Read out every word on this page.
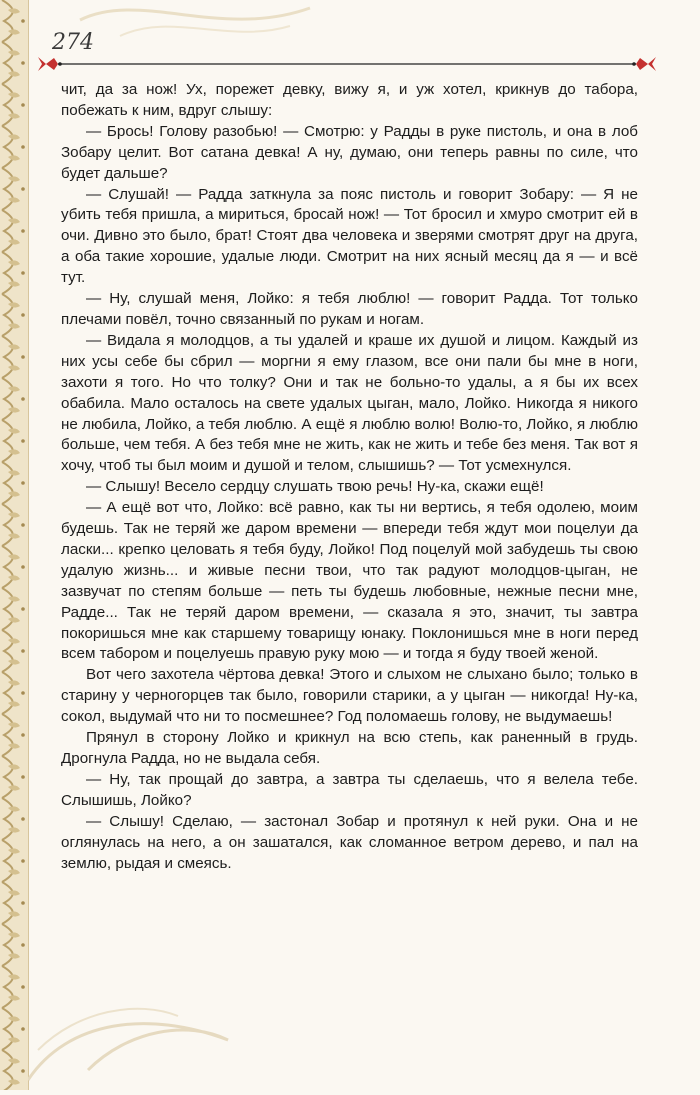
274

чит, да за нож! Ух, порежет девку, вижу я, и уж хотел, крикнув до табора, побежать к ним, вдруг слышу:

— Брось! Голову разобью! — Смотрю: у Радды в руке пистоль, и она в лоб Зобару целит. Вот сатана девка! А ну, думаю, они теперь равны по силе, что будет дальше?

— Слушай! — Радда заткнула за пояс пистоль и говорит Зобару: — Я не убить тебя пришла, а мириться, бросай нож! — Тот бросил и хмуро смотрит ей в очи. Дивно это было, брат! Стоят два человека и зверями смотрят друг на друга, а оба такие хорошие, удалые люди. Смотрит на них ясный месяц да я — и всё тут.

— Ну, слушай меня, Лойко: я тебя люблю! — говорит Радда. Тот только плечами повёл, точно связанный по рукам и ногам.

— Видала я молодцов, а ты удалей и краше их душой и лицом. Каждый из них усы себе бы сбрил — моргни я ему глазом, все они пали бы мне в ноги, захоти я того. Но что толку? Они и так не больно-то удалы, а я бы их всех обабила. Мало осталось на свете удалых цыган, мало, Лойко. Никогда я никого не любила, Лойко, а тебя люблю. А ещё я люблю волю! Волю-то, Лойко, я люблю больше, чем тебя. А без тебя мне не жить, как не жить и тебе без меня. Так вот я хочу, чтоб ты был моим и душой и телом, слышишь? — Тот усмехнулся.

— Слышу! Весело сердцу слушать твою речь! Ну-ка, скажи ещё!

— А ещё вот что, Лойко: всё равно, как ты ни вертись, я тебя одолею, моим будешь. Так не теряй же даром времени — впереди тебя ждут мои поцелуи да ласки... крепко целовать я тебя буду, Лойко! Под поцелуй мой забудешь ты свою удалую жизнь... и живые песни твои, что так радуют молодцов-цыган, не зазвучат по степям больше — петь ты будешь любовные, нежные песни мне, Радде... Так не теряй даром времени, — сказала я это, значит, ты завтра покоришься мне как старшему товарищу юнаку. Поклонишься мне в ноги перед всем табором и поцелуешь правую руку мою — и тогда я буду твоей женой.

Вот чего захотела чёртова девка! Этого и слыхом не слыхано было; только в старину у черногорцев так было, говорили старики, а у цыган — никогда! Ну-ка, сокол, выдумай что ни то посмешнее? Год поломаешь голову, не выдумаешь!

Прянул в сторону Лойко и крикнул на всю степь, как раненный в грудь. Дрогнула Радда, но не выдала себя.

— Ну, так прощай до завтра, а завтра ты сделаешь, что я велела тебе. Слышишь, Лойко?

— Слышу! Сделаю, — застонал Зобар и протянул к ней руки. Она и не оглянулась на него, а он зашатался, как сломанное ветром дерево, и пал на землю, рыдая и смеясь.
